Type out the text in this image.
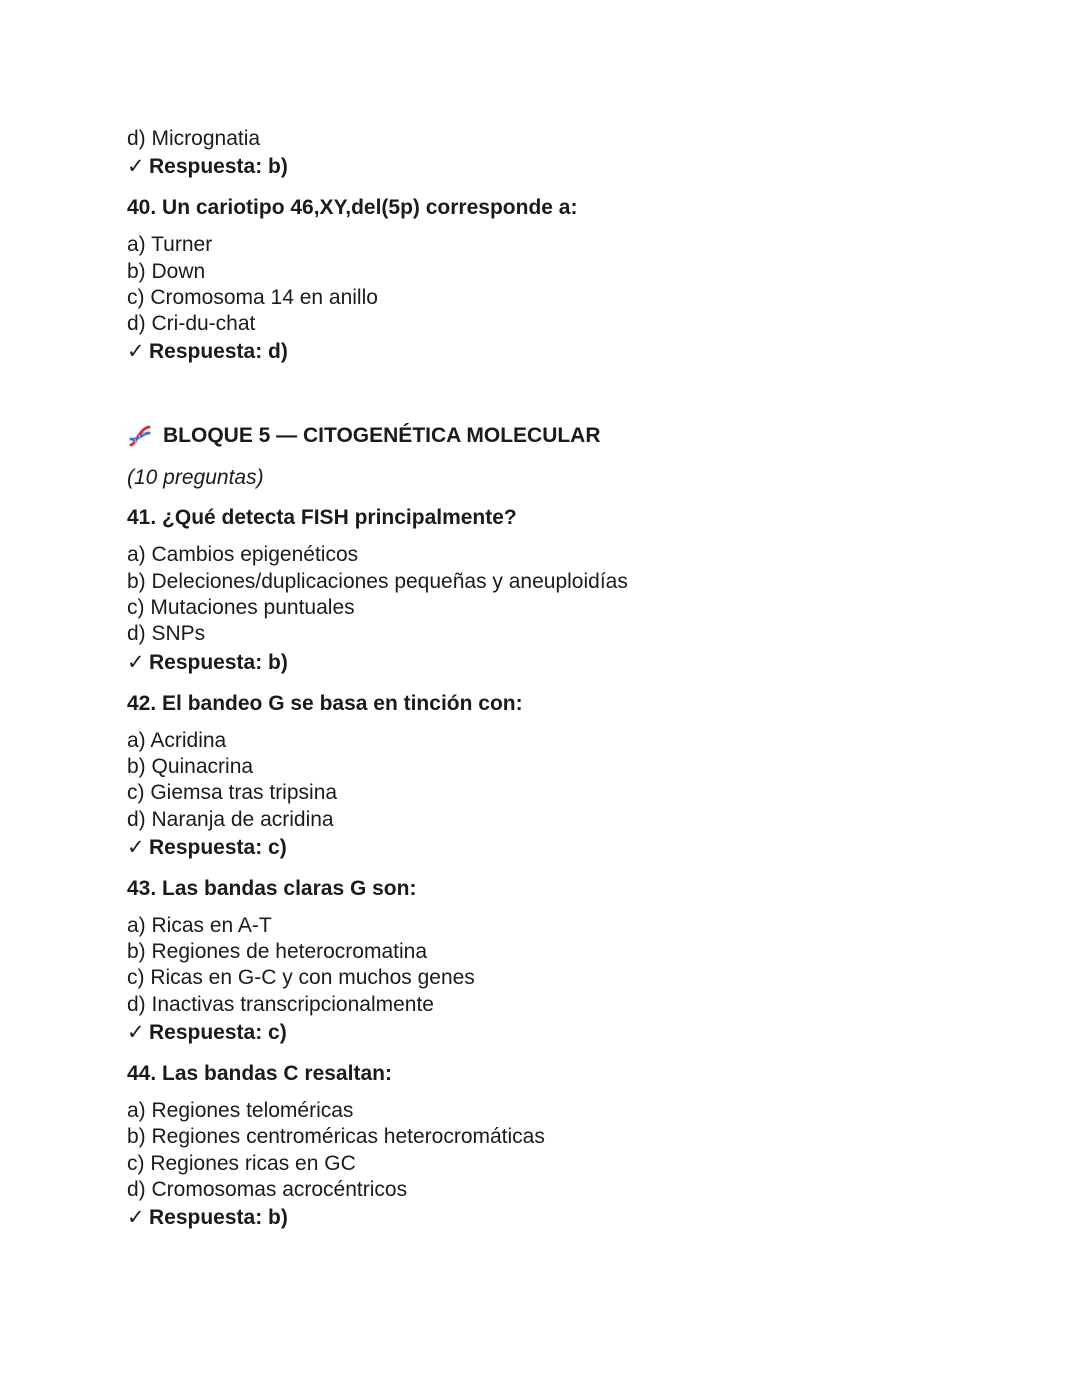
d) Micrognatia
✓ Respuesta: b)
40. Un cariotipo 46,XY,del(5p) corresponde a:
a) Turner
b) Down
c) Cromosoma 14 en anillo
d) Cri-du-chat
✓ Respuesta: d)
BLOQUE 5 — CITOGENÉTICA MOLECULAR
(10 preguntas)
41. ¿Qué detecta FISH principalmente?
a) Cambios epigenéticos
b) Deleciones/duplicaciones pequeñas y aneuploidías
c) Mutaciones puntuales
d) SNPs
✓ Respuesta: b)
42. El bandeo G se basa en tinción con:
a) Acridina
b) Quinacrina
c) Giemsa tras tripsina
d) Naranja de acridina
✓ Respuesta: c)
43. Las bandas claras G son:
a) Ricas en A-T
b) Regiones de heterocromatina
c) Ricas en G-C y con muchos genes
d) Inactivas transcripcionalmente
✓ Respuesta: c)
44. Las bandas C resaltan:
a) Regiones teloméricas
b) Regiones centroméricas heterocromáticas
c) Regiones ricas en GC
d) Cromosomas acrocéntricos
✓ Respuesta: b)
